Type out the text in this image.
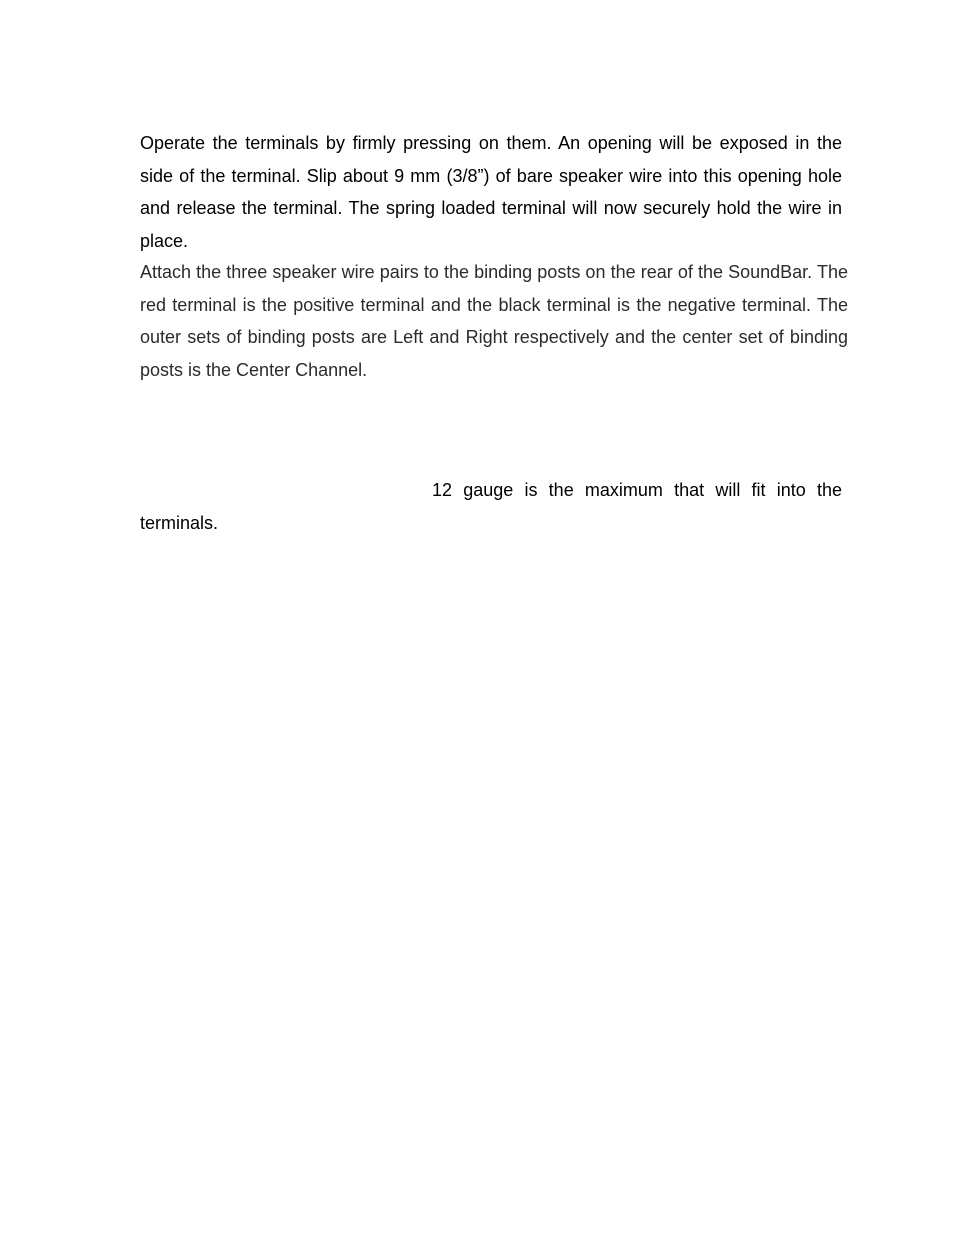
Operate the terminals by firmly pressing on them. An opening will be exposed in the side of the terminal. Slip about 9 mm (3/8”) of bare speaker wire into this opening hole and release the terminal. The spring loaded terminal will now securely hold the wire in place.

Attach the three speaker wire pairs to the binding posts on the rear of the SoundBar. The red terminal is the positive terminal and the black terminal is the negative terminal. The outer sets of binding posts are Left and Right respectively and the center set of binding posts is the Center Channel.

12 gauge is the maximum that will fit into the terminals.
